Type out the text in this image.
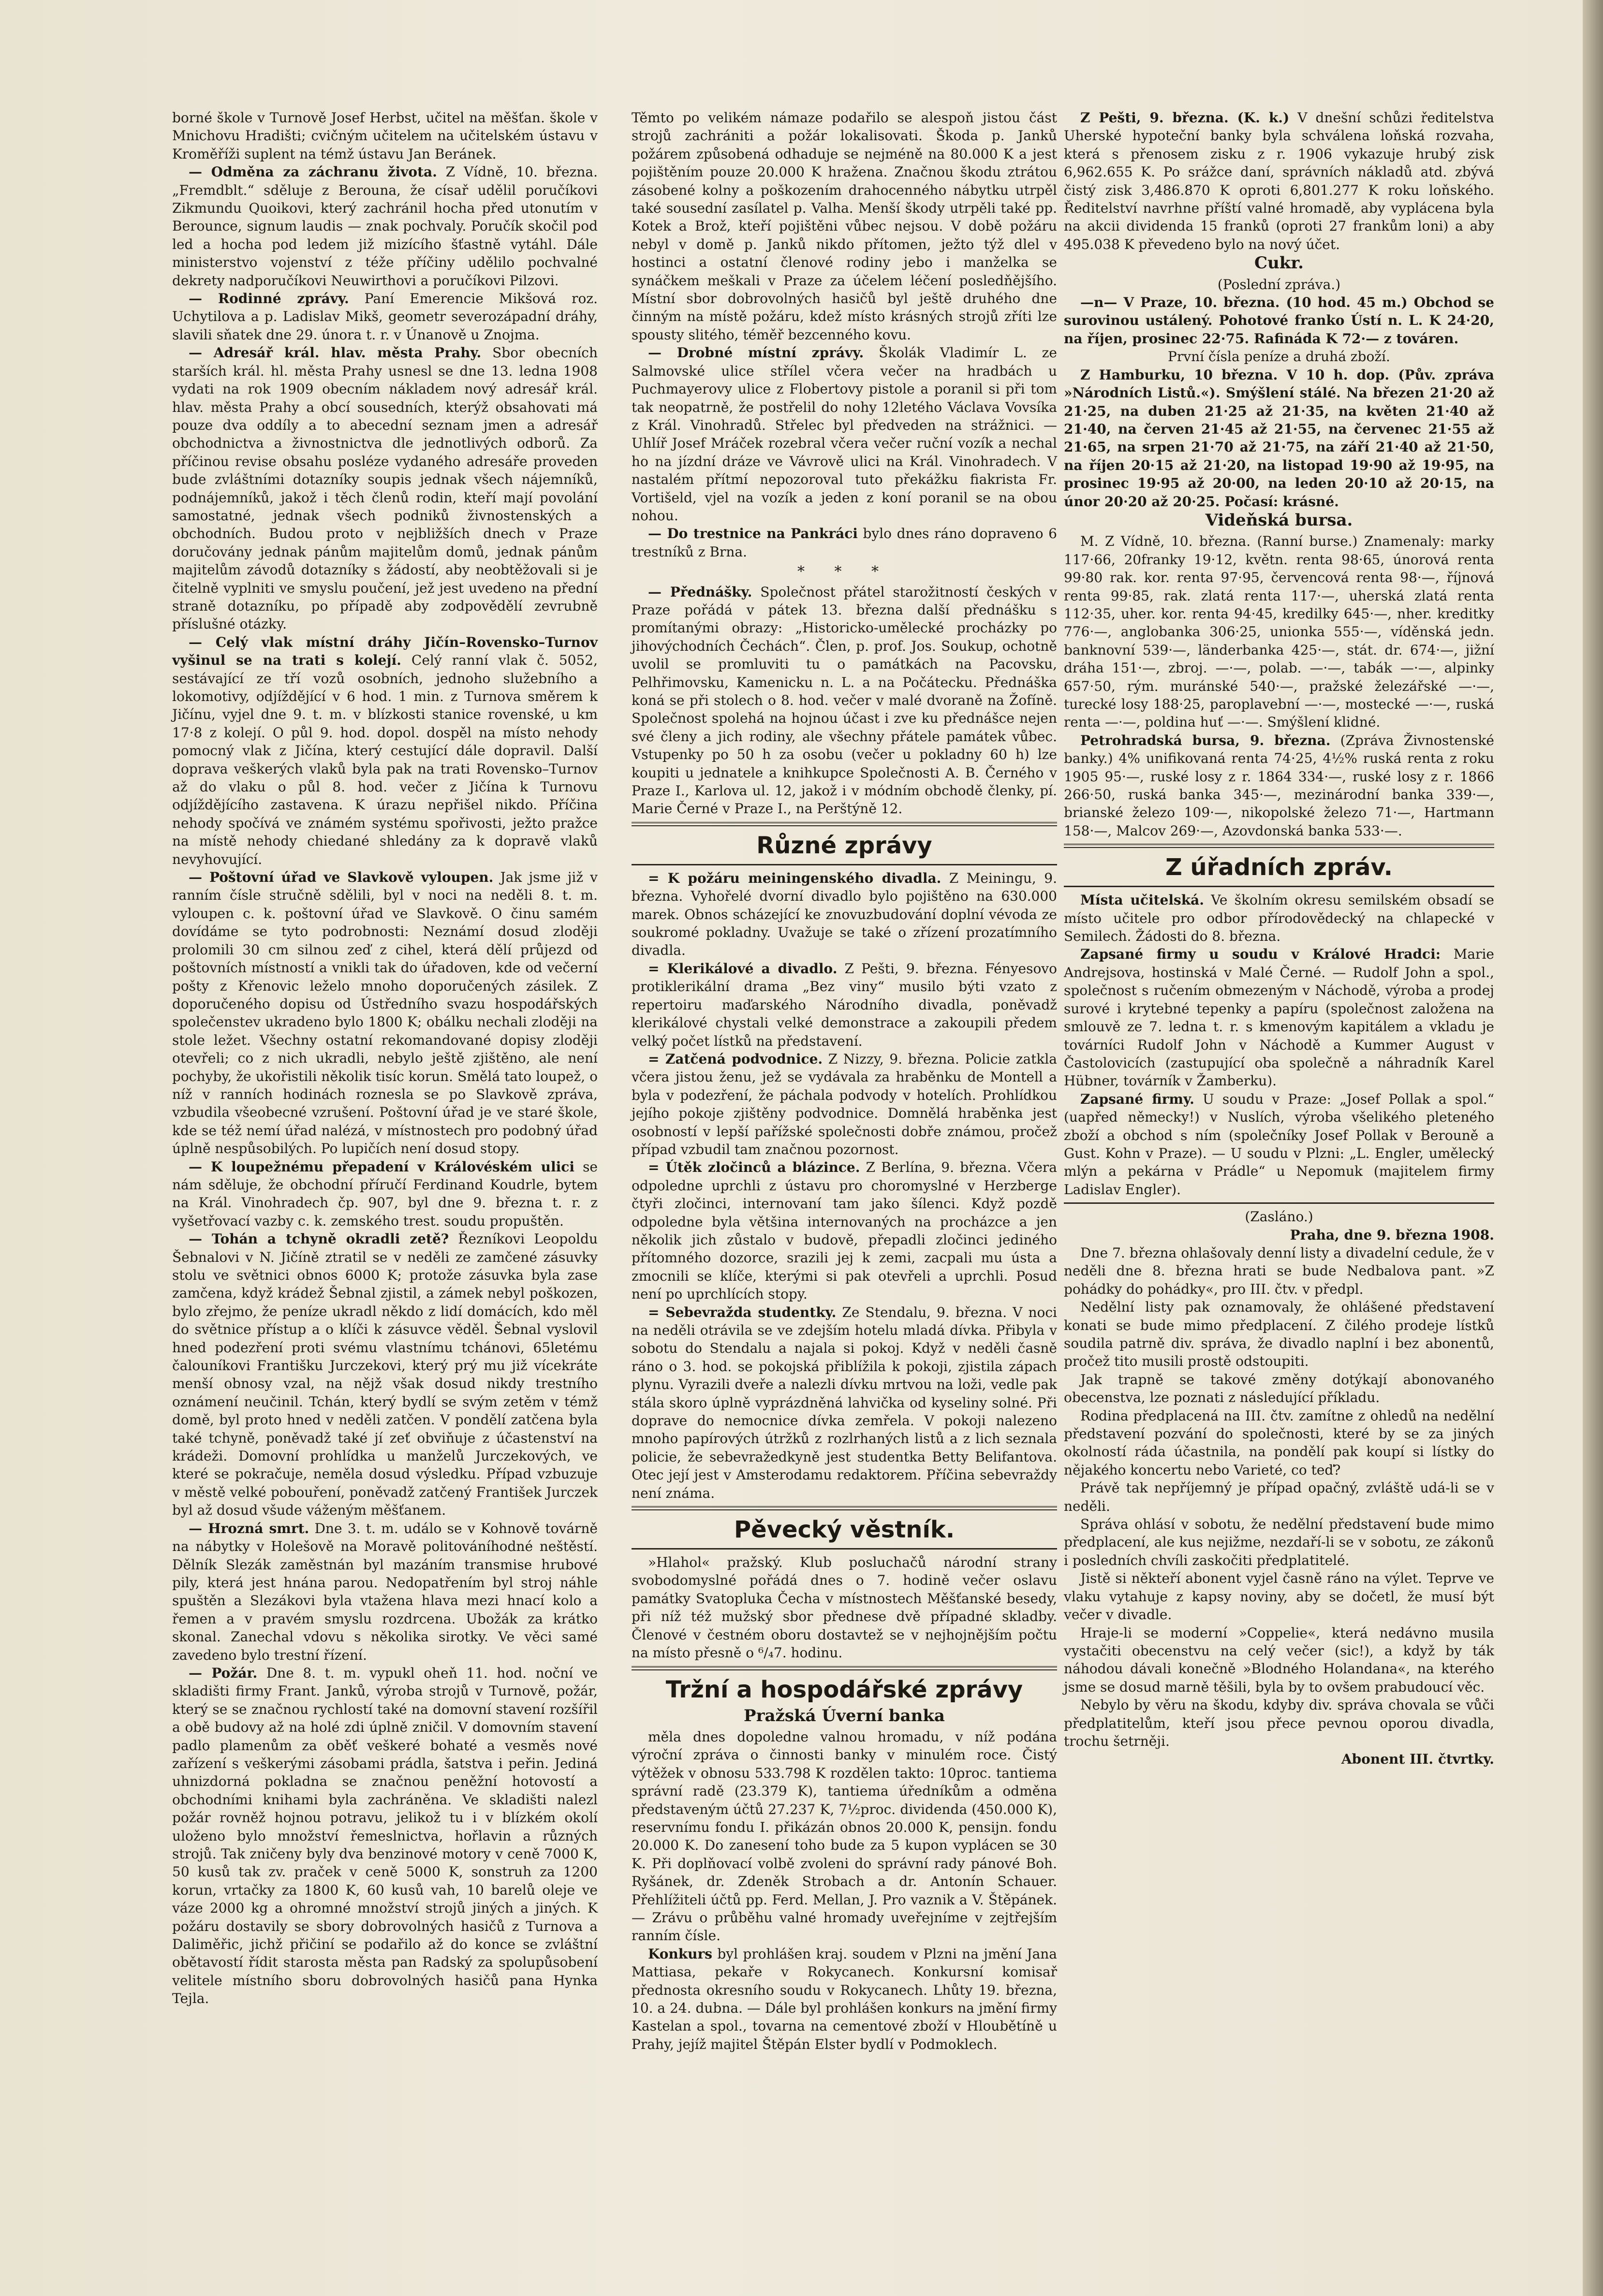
borné škole v Turnově Josef Herbst, učitel na měšťan. škole v Mnichovu Hradišti; cvičným učitelem na učitelském ústavu v Kroměříži suplent na témž ústavu Jan Beránek.

— Odměna za záchranu života. Z Vídně, 10. března. „Fremdblt.“ sděluje z Berouna, že císař udělil poručíkovi Zikmundu Quoikovi, který zachránil hocha před utonutím v Berounce, signum laudis — znak pochvaly. Poručík skočil pod led a hocha pod ledem již mizícího šťastně vytáhl. Dále ministerstvo vojenství z téže příčiny udělilo pochvalné dekrety nadporučíkovi Neuwirthovi a poručíkovi Pilzovi.

— Rodinné zprávy. Paní Emerencie Mikšová roz. Uchytilova a p. Ladislav Mikš, geometr severozápadní dráhy, slavili sňatek dne 29. února t. r. v Únanově u Znojma.

— Adresář král. hlav. města Prahy. Sbor obecních starších král. hl. města Prahy usnesl se dne 13. ledna 1908 vydati na rok 1909 obecním nákladem nový adresář král. hlav. města Prahy a obcí sousedních, kterýž obsahovati má pouze dva oddíly a to abecední seznam jmen a adresář obchodnictva a živnostnictva dle jednotlivých odborů. Za příčinou revise obsahu posléze vydaného adresáře proveden bude zvláštními dotazníky soupis jednak všech nájemníků, podnájemníků, jakož i těch členů rodin, kteří mají povolání samostatné, jednak všech podniků živnostenských a obchodních. Budou proto v nejbližších dnech v Praze doručovány jednak pánům majitelům domů, jednak pánům majitelům závodů dotazníky s žádostí, aby neobtěžovali si je čitelně vyplniti ve smyslu poučení, jež jest uvedeno na přední straně dotazníku, po případě aby zodpovědělí zevrubně příslušné otázky.

— Celý vlak místní dráhy Jičín–Rovensko–Turnov vyšinul se na trati s kolejí. Celý ranní vlak č. 5052, sestávající ze tří vozů osobních, jednoho služebního a lokomotivy, odjíždějící v 6 hod. 1 min. z Turnova směrem k Jičínu, vyjel dne 9. t. m. v blízkosti stanice rovenské, u km 17·8 z kolejí. O půl 9. hod. dopol. dospěl na místo nehody pomocný vlak z Jičína, který cestující dále dopravil. Další doprava veškerých vlaků byla pak na trati Rovensko–Turnov až do vlaku o půl 8. hod. večer z Jičína k Turnovu odjíždějícího zastavena. K úrazu nepřišel nikdo. Příčina nehody spočívá ve známém systému spořivosti, ježto pražce na místě nehody chiedané shledány za k dopravě vlaků nevyhovující.

— Poštovní úřad ve Slavkově vyloupen. Jak jsme již v ranním čísle stručně sdělili, byl v noci na neděli 8. t. m. vyloupen c. k. poštovní úřad ve Slavkově. O činu samém dovídáme se tyto podrobnosti: Neznámí dosud zloději prolomili 30 cm silnou zeď z cihel, která dělí průjezd od poštovních místností a vnikli tak do úřadoven, kde od večerní pošty z Křenovic leželo mnoho doporučených zásilek. Z doporučeného dopisu od Ústředního svazu hospodářských společenstev ukradeno bylo 1800 K; obálku nechali zloději na stole ležet. Všechny ostatní rekomandované dopisy zloději otevřeli; co z nich ukradli, nebylo ještě zjištěno, ale není pochyby, že ukořistili několik tisíc korun. Smělá tato loupež, o níž v ranních hodinách roznesla se po Slavkově zpráva, vzbudila všeobecné vzrušení. Poštovní úřad je ve staré škole, kde se též nemí úřad nalézá, v místnostech pro podobný úřad úplně nespůsobilých. Po lupičích není dosud stopy.

— K loupežnému přepadení v Královéském ulici se nám sděluje, že obchodní příručí Ferdinand Koudrle, bytem na Král. Vinohradech čp. 907, byl dne 9. března t. r. z vyšetřovací vazby c. k. zemského trest. soudu propuštěn.

— Tohán a tchyně okradli zetě? Řezníkovi Leopoldu Šebnalovi v N. Jičíně ztratil se v neděli ze zamčené zásuvky stolu ve světnici obnos 6000 K; protože zásuvka byla zase zamčena, když krádež Šebnal zjistil, a zámek nebyl poškozen, bylo zřejmo, že peníze ukradl někdo z lidí domácích, kdo měl do světnice přístup a o klíči k zásuvce věděl. Šebnal vyslovil hned podezření proti svému vlastnímu tchánovi, 65letému čalouníkovi Františku Jurczekovi, který prý mu již vícekráte menší obnosy vzal, na nějž však dosud nikdy trestního oznámení neučinil. Tchán, který bydlí se svým zetěm v témž domě, byl proto hned v neděli zatčen. V pondělí zatčena byla také tchyně, poněvadž také jí zeť obviňuje z účastenství na krádeži. Domovní prohlídka u manželů Jurczekových, ve které se pokračuje, neměla dosud výsledku. Případ vzbuzuje v městě velké pobouření, poněvadž zatčený František Jurczek byl až dosud všude váženým měšťanem.

— Hrozná smrt. Dne 3. t. m. událo se v Kohnově továrně na nábytky v Holešově na Moravě politováníhodné neštěstí. Dělník Slezák zaměstnán byl mazáním transmise hrubové pily, která jest hnána parou. Nedopatřením byl stroj náhle spuštěn a Slezákovi byla vtažena hlava mezi hnací kolo a řemen a v pravém smyslu rozdrcena. Ubožák za krátko skonal. Zanechal vdovu s několika sirotky. Ve věci samé zavedeno bylo trestní řízení.

— Požár. Dne 8. t. m. vypukl oheň 11. hod. noční ve skladišti firmy Frant. Janků, výroba strojů v Turnově, požár, který se se značnou rychlostí také na domovní stavení rozšířil a obě budovy až na holé zdi úplně zničil. V domovním stavení padlo plamenům za oběť veškeré bohaté a vesměs nové zařízení s veškerými zásobami prádla, šatstva i peřin. Jediná uhnizdorná pokladna se značnou peněžní hotovostí a obchodními knihami byla zachráněna. Ve skladišti nalezl požár rovněž hojnou potravu, jelikož tu i v blízkém okolí uloženo bylo množství řemeslnictva, hořlavin a různých strojů. Tak zničeny byly dva benzinové motory v ceně 7000 K, 50 kusů tak zv. praček v ceně 5000 K, sonstruh za 1200 korun, vrtačky za 1800 K, 60 kusů vah, 10 barelů oleje ve váze 2000 kg a ohromné množství strojů jiných a jiných. K požáru dostavily se sbory dobrovolných hasičů z Turnova a Daliměřic, jichž přičiní se podařilo až do konce se zvláštní obětavostí řídit starosta města pan Radský za spolupůsobení velitele místního sboru dobrovolných hasičů pana Hynka Tejla.

Těmto po velikém námaze podařilo se alespoň jistou část strojů zachrániti a požár lokalisovati. Škoda p. Janků požárem způsobená odhaduje se nejméně na 80.000 K a jest pojištěním pouze 20.000 K hražena. Značnou škodu ztrátou zásobené kolny a poškozením drahocenného nábytku utrpěl také sousední zasílatel p. Valha. Menší škody utrpěli také pp. Kotek a Brož, kteří pojištěni vůbec nejsou. V době požáru nebyl v domě p. Janků nikdo přítomen, ježto týž dlel v hostinci a ostatní členové rodiny jebo i manželka se synáčkem meškali v Praze za účelem léčení posledňějšího. Místní sbor dobrovolných hasičů byl ještě druhého dne činným na místě požáru, kdež místo krásných strojů zříti lze spousty slitého, téměř bezcenného kovu.

— Drobné místní zprávy. Školák Vladimír L. ze Salmovské ulice střílel včera večer na hradbách u Puchmayerovy ulice z Flobertovy pistole a poranil si při tom tak neopatrně, že postřelil do nohy 12letého Václava Vovsíka z Král. Vinohradů. Střelec byl předveden na strážnici. — Uhlíř Josef Mráček rozebral včera večer ruční vozík a nechal ho na jízdní dráze ve Vávrově ulici na Král. Vinohradech. V nastalém přítmí nepozoroval tuto překážku fiakrista Fr. Vortišeld, vjel na vozík a jeden z koní poranil se na obou nohou.

— Do trestnice na Pankráci bylo dnes ráno dopraveno 6 trestníků z Brna.

* * *

— Přednášky. Společnost přátel starožitností českých v Praze pořádá v pátek 13. března další přednášku s promítanými obrazy: „Historicko-umělecké procházky po jihovýchodních Čechách“. Člen, p. prof. Jos. Soukup, ochotně uvolil se promluviti tu o památkách na Pacovsku, Pelhřimovsku, Kamenicku n. L. a na Počátecku. Přednáška koná se při stolech o 8. hod. večer v malé dvoraně na Žofíně. Společnost spolehá na hojnou účast i zve ku přednášce nejen své členy a jich rodiny, ale všechny přátele památek vůbec. Vstupenky po 50 h za osobu (večer u pokladny 60 h) lze koupiti u jednatele a knihkupce Společnosti A. B. Černého v Praze I., Karlova ul. 12, jakož i v módním obchodě členky, pí. Marie Černé v Praze I., na Perštýně 12.

Různé zprávy

= K požáru meiningenského divadla. Z Meiningu, 9. března. Vyhořelé dvorní divadlo bylo pojištěno na 630.000 marek. Obnos scházející ke znovuzbudování doplní vévoda ze soukromé pokladny. Uvažuje se také o zřízení prozatímního divadla.

= Klerikálové a divadlo. Z Pešti, 9. března. Fényesovo protiklerikální drama „Bez viny“ musilo býti vzato z repertoiru maďarského Národního divadla, poněvadž klerikálové chystali velké demonstrace a zakoupili předem velký počet lístků na představení.

= Zatčená podvodnice. Z Nizzy, 9. března. Policie zatkla včera jistou ženu, jež se vydávala za hraběnku de Montell a byla v podezření, že páchala podvody v hotelích. Prohlídkou jejího pokoje zjištěny podvodnice. Domnělá hraběnka jest osobností v lepší pařížské společnosti dobře známou, pročež případ vzbudil tam značnou pozornost.

= Útěk zločinců a blázince. Z Berlína, 9. března. Včera odpoledne uprchli z ústavu pro choromyslné v Herzberge čtyři zločinci, internovaní tam jako šílenci. Když pozdě odpoledne byla většina internovaných na procházce a jen několik jich zůstalo v budově, přepadli zločinci jediného přítomného dozorce, srazili jej k zemi, zacpali mu ústa a zmocnili se klíče, kterými si pak otevřeli a uprchli. Posud není po uprchlících stopy.

= Sebevražda studentky. Ze Stendalu, 9. března. V noci na neděli otrávila se ve zdejším hotelu mladá dívka. Přibyla v sobotu do Stendalu a najala si pokoj. Když v neděli časně ráno o 3. hod. se pokojská přiblížila k pokoji, zjistila zápach plynu. Vyrazili dveře a nalezli dívku mrtvou na loži, vedle pak stála skoro úplně vyprázdněná lahvička od kyseliny solné. Při doprave do nemocnice dívka zemřela. V pokoji nalezeno mnoho papírových útržků z rozlrhaných listů a z lich seznala policie, že sebevražedkyně jest studentka Betty Belifantova. Otec její jest v Amsterodamu redaktorem. Příčina sebevraždy není známa.

Pěvecký věstník.

»Hlahol« pražský. Klub posluchačů národní strany svobodomyslné pořádá dnes o 7. hodině večer oslavu památky Svatopluka Čecha v místnostech Měšťanské besedy, při níž též mužský sbor přednese dvě případné skladby. Členové v čestném oboru dostavtež se v nejhojnějším počtu na místo přesně o ⁶/₄7. hodinu.

Tržní a hospodářské zprávy
Pražská Úverní banka

měla dnes dopoledne valnou hromadu, v níž podána výroční zpráva o činnosti banky v minulém roce. Čistý výtěžek v obnosu 533.798 K rozdělen takto: 10proc. tantiema správní radě (23.379 K), tantiema úředníkům a odměna představeným účtů 27.237 K, 7½proc. dividenda (450.000 K), reservnímu fondu I. přikázán obnos 20.000 K, pensijn. fondu 20.000 K. Do zanesení toho bude za 5 kupon vyplácen se 30 K. Při doplňovací volbě zvoleni do správní rady pánové Boh. Ryšánek, dr. Zdeněk Strobach a dr. Antonín Schauer. Přehlížiteli účtů pp. Ferd. Mellan, J. Pro vaznik a V. Štěpánek. — Zrávu o průběhu valné hromady uveřejníme v zejtřejším ranním čísle.

Konkurs byl prohlášen kraj. soudem v Plzni na jmění Jana Mattiasa, pekaře v Rokycanech. Konkursní komisař přednosta okresního soudu v Rokycanech. Lhůty 19. března, 10. a 24. dubna. — Dále byl prohlášen konkurs na jmění firmy Kastelan a spol., tovarna na cementové zboží v Hloubětíně u Prahy, jejíž majitel Štěpán Elster bydlí v Podmoklech.

Z Pešti, 9. března. (K. k.) V dnešní schůzi ředitelstva Uherské hypoteční banky byla schválena loňská rozvaha, která s přenosem zisku z r. 1906 vykazuje hrubý zisk 6,962.655 K. Po srážce daní, správních nákladů atd. zbývá čistý zisk 3,486.870 K oproti 6,801.277 K roku loňského. Ředitelství navrhne příští valné hromadě, aby vyplácena byla na akcii dividenda 15 franků (oproti 27 frankům loni) a aby 495.038 K převedeno bylo na nový účet.

Cukr.

(Poslední zpráva.)

—n— V Praze, 10. března. (10 hod. 45 m.) Obchod se surovinou ustálený. Pohotové franko Ústí n. L. K 24·20, na říjen, prosinec 22·75. Rafináda K 72·— z továren.

První čísla peníze a druhá zboží.

Z Hamburku, 10 března. V 10 h. dop. (Pův. zpráva »Národních Listů.«). Smýšlení stálé. Na březen 21·20 až 21·25, na duben 21·25 až 21·35, na květen 21·40 až 21·40, na červen 21·45 až 21·55, na červenec 21·55 až 21·65, na srpen 21·70 až 21·75, na září 21·40 až 21·50, na říjen 20·15 až 21·20, na listopad 19·90 až 19·95, na prosinec 19·95 až 20·00, na leden 20·10 až 20·15, na únor 20·20 až 20·25. Počasí: krásné.

Videňská bursa.

M. Z Vídně, 10. března. (Ranní burse.) Znamenaly: marky 117·66, 20franky 19·12, květn. renta 98·65, únorová renta 99·80 rak. kor. renta 97·95, červencová renta 98·—, říjnová renta 99·85, rak. zlatá renta 117·—, uherská zlatá renta 112·35, uher. kor. renta 94·45, kredilky 645·—, nher. kreditky 776·—, anglobanka 306·25, unionka 555·—, víděnská jedn. banknovní 539·—, länderbanka 425·—, stát. dr. 674·—, jižní dráha 151·—, zbroj. —·—, polab. —·—, tabák —·—, alpinky 657·50, rým. muránské 540·—, pražské železářské —·—, turecké losy 188·25, paroplavební —·—, mostecké —·—, ruská renta —·—, poldina huť —·—. Smýšlení klidné.

Petrohradská bursa, 9. března. (Zpráva Živnostenské banky.) 4% unifikovaná renta 74·25, 4½% ruská renta z roku 1905 95·—, ruské losy z r. 1864 334·—, ruské losy z r. 1866 266·50, ruská banka 345·—, mezinárodní banka 339·—, brianské železo 109·—, nikopolské železo 71·—, Hartmann 158·—, Malcov 269·—, Azovdonská banka 533·—.

Z úřadních zpráv.

Místa učitelská. Ve školním okresu semilském obsadí se místo učitele pro odbor přírodovědecký na chlapecké v Semilech. Žádosti do 8. března.

Zapsané firmy u soudu v Králové Hradci: Marie Andrejsova, hostinská v Malé Černé. — Rudolf John a spol., společnost s ručením obmezeným v Náchodě, výroba a prodej surové i krytebné tepenky a papíru (společnost založena na smlouvě ze 7. ledna t. r. s kmenovým kapitálem a vkladu je továrníci Rudolf John v Náchodě a Kummer August v Častolovicích (zastupující oba společně a náhradník Karel Hübner, továrník v Žamberku).

Zapsané firmy. U soudu v Praze: „Josef Pollak a spol.“ (uapřed německy!) v Nuslích, výroba všelikého pleteného zboží a obchod s ním (společníky Josef Pollak v Berouně a Gust. Kohn v Praze). — U soudu v Plzni: „L. Engler, umělecký mlýn a pekárna v Prádle“ u Nepomuk (majitelem firmy Ladislav Engler).

(Zasláno.)

Praha, dne 9. března 1908.

Dne 7. března ohlašovaly denní listy a divadelní cedule, že v neděli dne 8. března hrati se bude Nedbalova pant. »Z pohádky do pohádky«, pro III. čtv. v předpl.

Nedělní listy pak oznamovaly, že ohlášené představení konati se bude mimo předplacení. Z čilého prodeje lístků soudila patrně div. správa, že divadlo naplní i bez abonentů, pročež tito musili prostě odstoupiti.

Jak trapně se takové změny dotýkají abonovaného obecenstva, lze poznati z následující příkladu.

Rodina předplacená na III. čtv. zamítne z ohledů na nedělní představení pozvání do společnosti, které by se za jiných okolností ráda účastnila, na pondělí pak koupí si lístky do nějakého koncertu nebo Varieté, co teď?

Právě tak nepříjemný je případ opačný, zvláště udá-li se v neděli.

Správa ohlásí v sobotu, že nedělní představení bude mimo předplacení, ale kus nejižme, nezdaří-li se v sobotu, ze zákonů i posledních chvíli zaskočiti předplatitelé.

Jistě si někteří abonent vyjel časně ráno na výlet. Teprve ve vlaku vytahuje z kapsy noviny, aby se dočetl, že musí být večer v divadle.

Hraje-li se moderní »Coppelie«, která nedávno musila vystačiti obecenstvu na celý večer (sic!), a když by ták náhodou dávali konečně »Blodného Holandana«, na kterého jsme se dosud marně těšili, byla by to ovšem prabudoucí věc.

Nebylo by věru na škodu, kdyby div. správa chovala se vůči předplatitelům, kteří jsou přece pevnou oporou divadla, trochu šetrněji.

Abonent III. čtvrtky.
